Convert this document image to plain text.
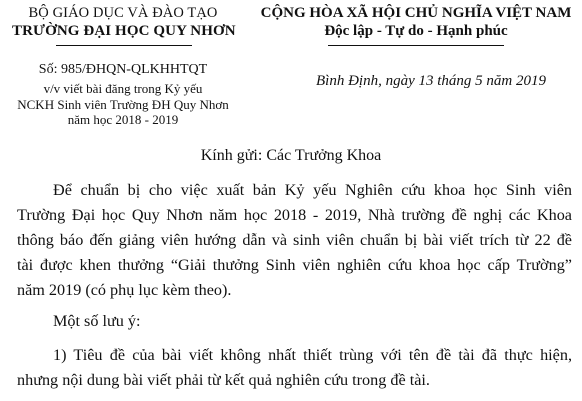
BỘ GIÁO DỤC VÀ ĐÀO TẠO
TRƯỜNG ĐẠI HỌC QUY NHƠN
CỘNG HÒA XÃ HỘI CHỦ NGHĨA VIỆT NAM
Độc lập - Tự do - Hạnh phúc
Số: 985/ĐHQN-QLKHHTQT
v/v viết bài đăng trong Kỷ yếu
NCKH Sinh viên Trường ĐH Quy Nhơn
năm học 2018 - 2019
Bình Định, ngày 13 tháng 5 năm 2019
Kính gửi: Các Trưởng Khoa
Để chuẩn bị cho việc xuất bản Kỷ yếu Nghiên cứu khoa học Sinh viên
Trường Đại học Quy Nhơn năm học 2018 - 2019, Nhà trường đề nghị các Khoa
thông báo đến giảng viên hướng dẫn và sinh viên chuẩn bị bài viết trích từ 22 đề
tài được khen thưởng “Giải thưởng Sinh viên nghiên cứu khoa học cấp Trường”
năm 2019 (có phụ lục kèm theo).
Một số lưu ý:
1) Tiêu đề của bài viết không nhất thiết trùng với tên đề tài đã thực hiện,
nhưng nội dung bài viết phải từ kết quả nghiên cứu trong đề tài.
